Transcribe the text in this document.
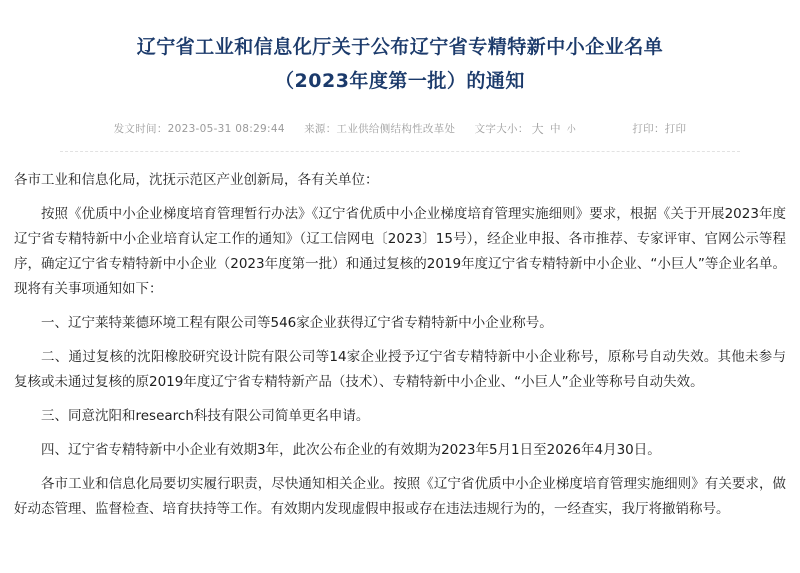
辽宁省工业和信息化厅关于公布辽宁省专精特新中小企业名单
（2023年度第一批）的通知
发文时间：2023-05-31 08:29:44 来源：工业供给侧结构性改革处 文字大小： 大 中 小	打印：打印

各市工业和信息化局，沈抚示范区产业创新局，各有关单位：

按照《优质中小企业梯度培育管理暂行办法》《辽宁省优质中小企业梯度培育管理实施细则》要求，根据《关于开展2023年度辽宁省专精特新中小企业培育认定工作的通知》（辽工信网电〔2023〕15号），经企业申报、各市推荐、专家评审、官网公示等程序，确定辽宁省专精特新中小企业（2023年度第一批）和通过复核的2019年度辽宁省专精特新中小企业、“小巨人”等企业名单。现将有关事项通知如下：

一、辽宁莱特莱德环境工程有限公司等546家企业获得辽宁省专精特新中小企业称号。

二、通过复核的沈阳橡胶研究设计院有限公司等14家企业授予辽宁省专精特新中小企业称号，原称号自动失效。其他未参与复核或未通过复核的原2019年度辽宁省专精特新产品（技术）、专精特新中小企业、“小巨人”企业等称号自动失效。

三、同意沈阳和research科技有限公司简单更名申请。

四、辽宁省专精特新中小企业有效期3年，此次公布企业的有效期为2023年5月1日至2026年4月30日。

各市工业和信息化局要切实履行职责，尽快通知相关企业。按照《辽宁省优质中小企业梯度培育管理实施细则》有关要求，做好动态管理、监督检查、培育扶持等工作。有效期内发现虚假申报或存在违法违规行为的，一经查实，我厅将撤销称号。
